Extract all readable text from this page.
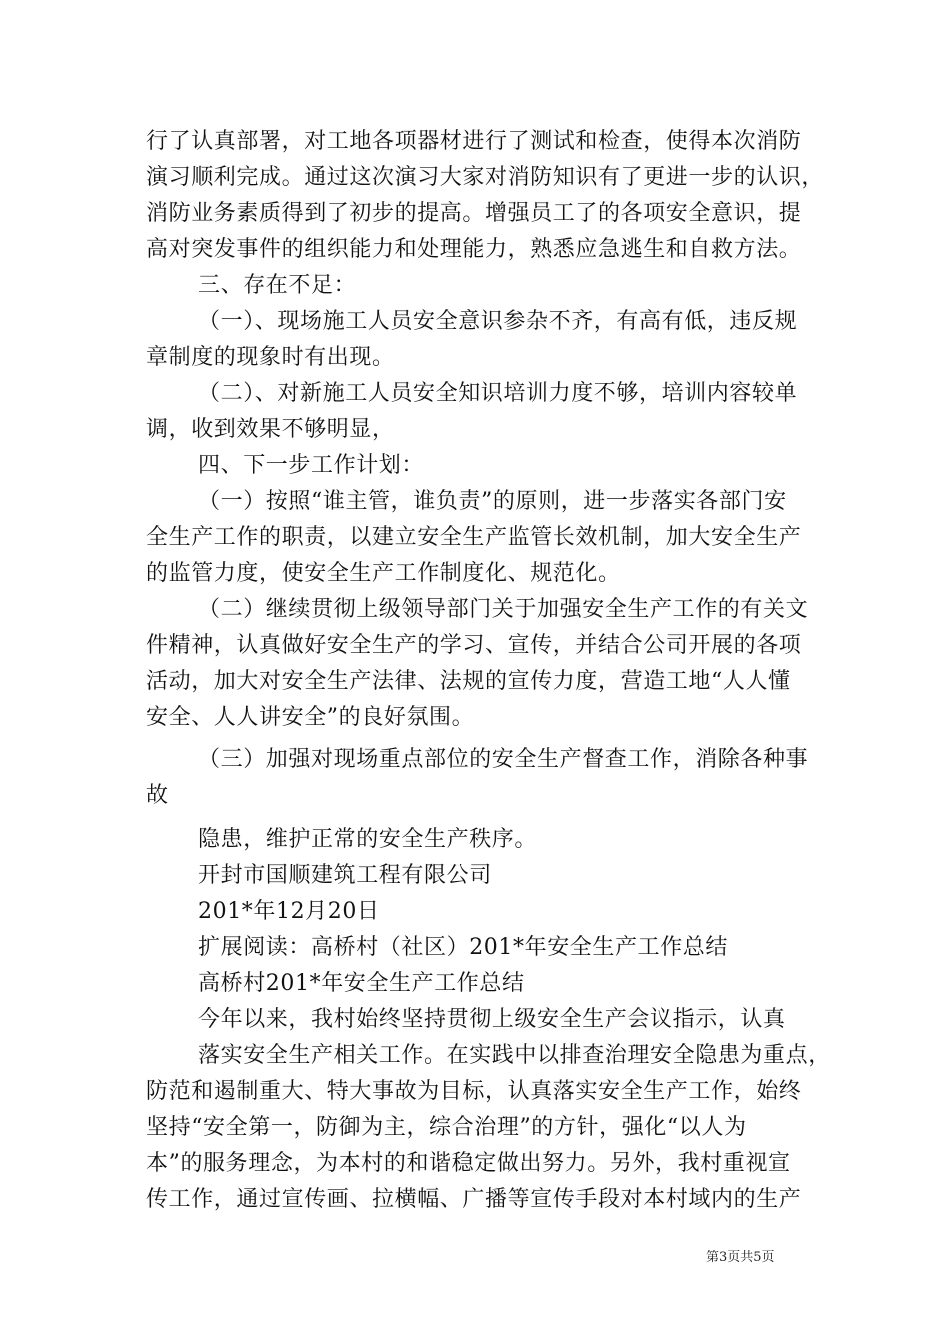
行了认真部署，对工地各项器材进行了测试和检查，使得本次消防
演习顺利完成。通过这次演习大家对消防知识有了更进一步的认识，
消防业务素质得到了初步的提高。增强员工了的各项安全意识，提
高对突发事件的组织能力和处理能力，熟悉应急逃生和自救方法。
三、存在不足：
（一）、现场施工人员安全意识参杂不齐，有高有低，违反规
章制度的现象时有出现。
（二）、对新施工人员安全知识培训力度不够，培训内容较单
调，收到效果不够明显，
四、下一步工作计划：
（一）按照“谁主管，谁负责”的原则，进一步落实各部门安
全生产工作的职责，以建立安全生产监管长效机制，加大安全生产
的监管力度，使安全生产工作制度化、规范化。
（二）继续贯彻上级领导部门关于加强安全生产工作的有关文
件精神，认真做好安全生产的学习、宣传，并结合公司开展的各项
活动，加大对安全生产法律、法规的宣传力度，营造工地“人人懂
安全、人人讲安全”的良好氛围。
（三）加强对现场重点部位的安全生产督查工作，消除各种事
故
隐患，维护正常的安全生产秩序。
开封市国顺建筑工程有限公司
201*年12月20日
扩展阅读：高桥村（社区）201*年安全生产工作总结
高桥村201*年安全生产工作总结
今年以来，我村始终坚持贯彻上级安全生产会议指示，认真
落实安全生产相关工作。在实践中以排查治理安全隐患为重点，
防范和遏制重大、特大事故为目标，认真落实安全生产工作，始终
坚持“安全第一，防御为主，综合治理”的方针，强化“以人为
本”的服务理念，为本村的和谐稳定做出努力。另外，我村重视宣
传工作，通过宣传画、拉横幅、广播等宣传手段对本村域内的生产
第3页共5页
